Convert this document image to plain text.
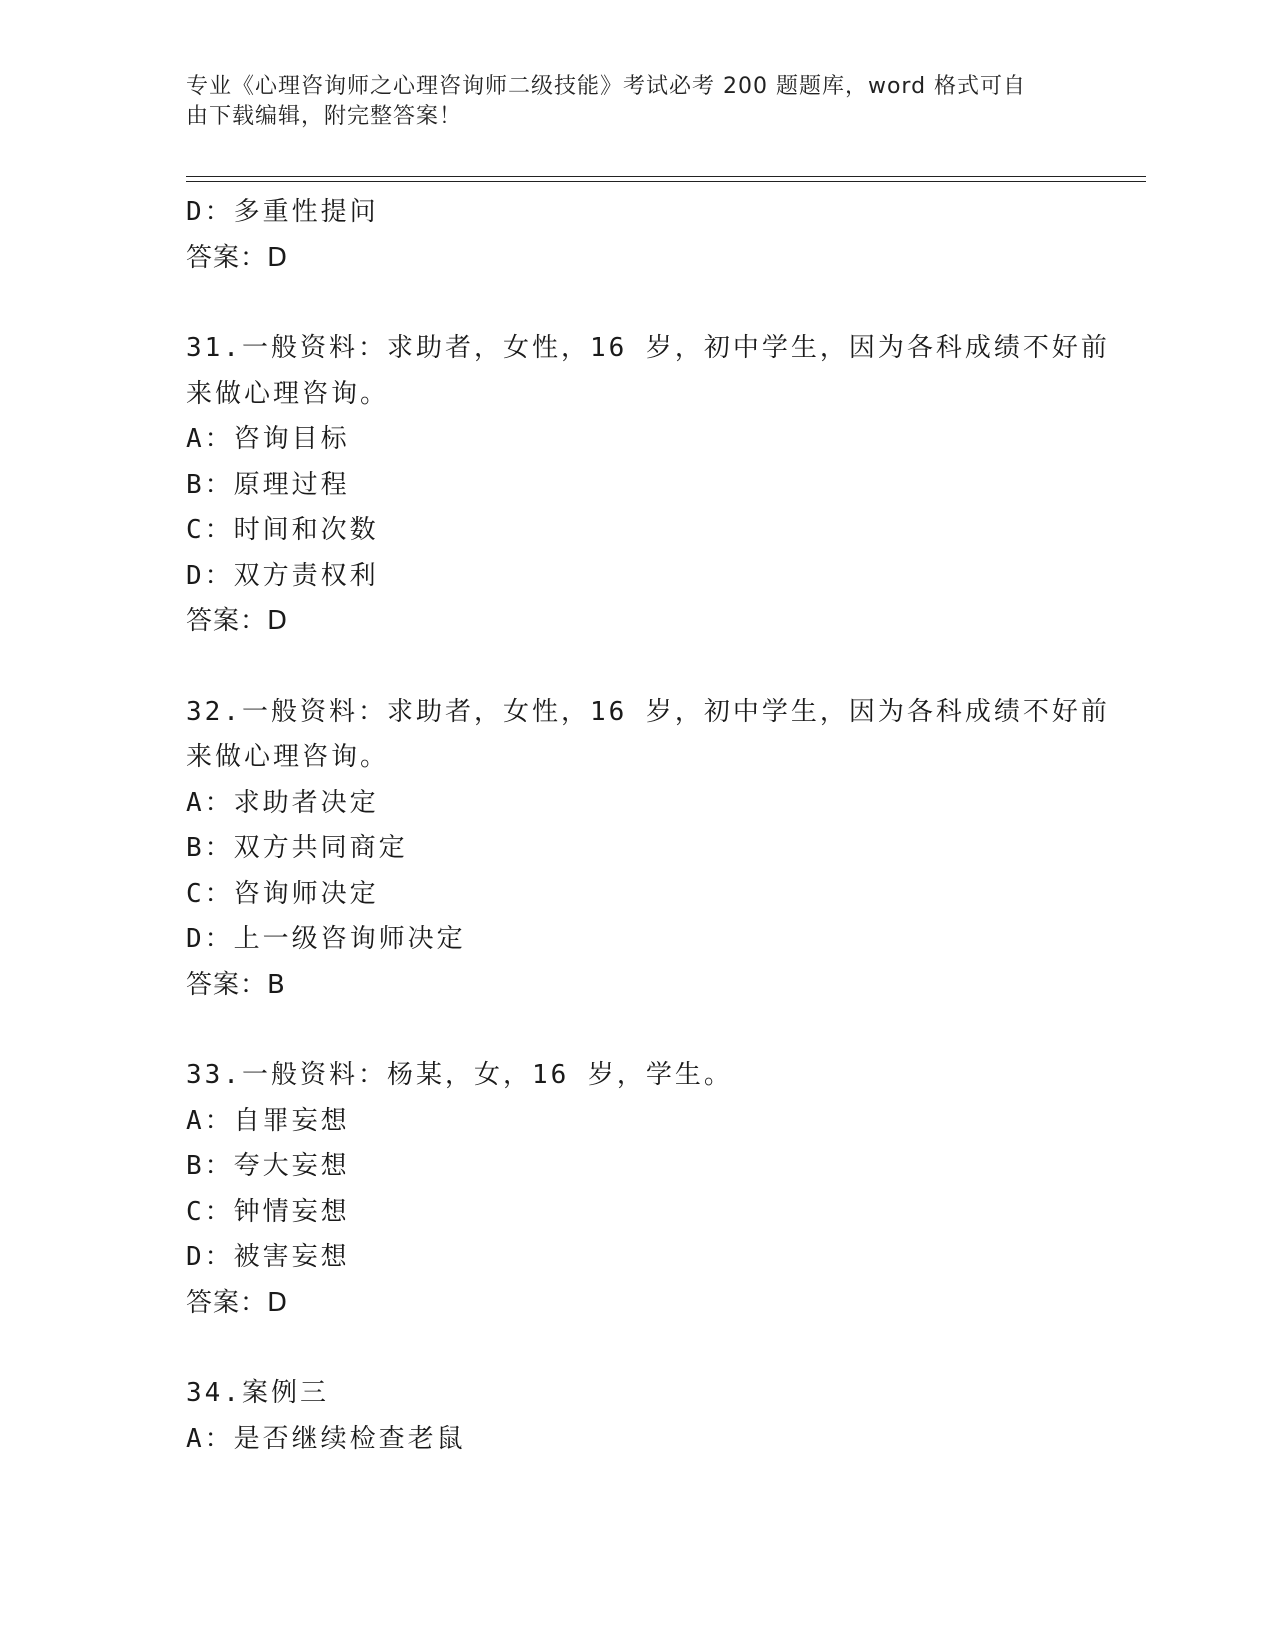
专业《心理咨询师之心理咨询师二级技能》考试必考 200 题题库，word 格式可自
由下载编辑，附完整答案！
D：多重性提问
答案：D
31.一般资料：求助者，女性，16 岁，初中学生，因为各科成绩不好前
来做心理咨询。
A：咨询目标
B：原理过程
C：时间和次数
D：双方责权利
答案：D
32.一般资料：求助者，女性，16 岁，初中学生，因为各科成绩不好前
来做心理咨询。
A：求助者决定
B：双方共同商定
C：咨询师决定
D：上一级咨询师决定
答案：B
33.一般资料：杨某，女，16 岁，学生。
A：自罪妄想
B：夸大妄想
C：钟情妄想
D：被害妄想
答案：D
34.案例三
A：是否继续检查老鼠
